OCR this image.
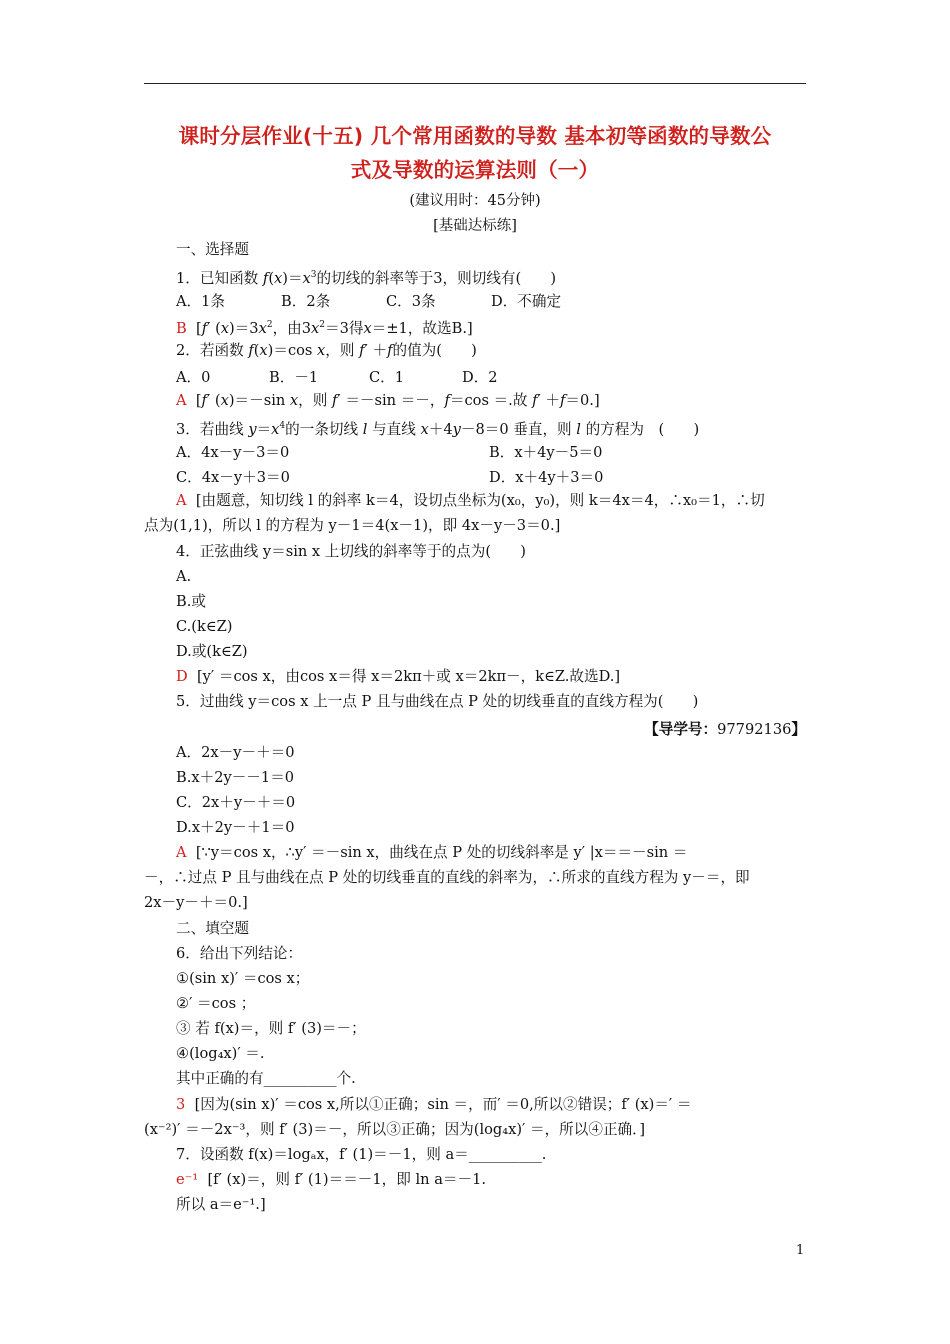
课时分层作业(十五) 几个常用函数的导数 基本初等函数的导数公
式及导数的运算法则（一）
(建议用时：45分钟)
[基础达标练]
一、选择题
1．已知函数 $f(x)=x^3$的切线的斜率等于3，则切线有(　　)
A．1条	B．2条	C．3条	D．不确定
B [f′ $(x)=3x^2$，由$3x^2=3$得x＝±1，故选B.]
2．若函数 f(x)＝cos x，则 f′ ＋f的值为(　　)
A．0	B．－1	C．1	D．2
A [f′ (x)＝－sin x，则 f′ ＝－sin ＝－，f＝cos ＝.故 f′ ＋f＝0.]
3．若曲线 $y=x^4$的一条切线 l 与直线 x＋4y－8＝0 垂直，则 l 的方程为　(　　)
A．4x－y－3＝0	B．x＋4y－5＝0
C．4x－y＋3＝0	D．x＋4y＋3＝0
A [由题意，知切线 l 的斜率 k＝4，设切点坐标为(x₀，y₀)，则 k＝4x＝4，∴x₀＝1，∴切
点为(1,1)，所以 l 的方程为 y－1＝4(x－1)，即 4x－y－3＝0.]
4．正弦曲线 y＝sin x 上切线的斜率等于的点为(　　)
A.
B.或
C.(k∈Z)
D.或(k∈Z)
D [y′ ＝cos x，由cos x＝得 x＝2kπ＋或 x＝2kπ－，k∈Z.故选D.]
5．过曲线 y＝cos x 上一点 P 且与曲线在点 P 处的切线垂直的直线方程为(　　)
【导学号：97792136】
A．2x－y－＋＝0
B.x＋2y－－1＝0
C．2x＋y－＋＝0
D.x＋2y－＋1＝0
A [∵y＝cos x，∴y′ ＝－sin x，曲线在点 P 处的切线斜率是 y′ |x＝＝－sin ＝
－，∴过点 P 且与曲线在点 P 处的切线垂直的直线的斜率为，∴所求的直线方程为 y－＝，即
2x－y－＋＝0.]
二、填空题
6．给出下列结论：
①(sin x)′ ＝cos x；
②′ ＝cos ；
③ 若 f(x)＝，则 f′ (3)＝－；
④(log₄x)′ ＝.
其中正确的有__________个.
3 [因为(sin x)′ ＝cos x,所以①正确；sin ＝，而′ ＝0,所以②错误；f′ (x)＝′ ＝
(x⁻²)′ ＝－2x⁻³，则 f′ (3)＝－，所以③正确；因为(log₄x)′ ＝，所以④正确．]
7．设函数 f(x)＝logₐx，f′ (1)＝－1，则 a＝__________.
e⁻¹ [f′ (x)＝，则 f′ (1)＝＝－1，即 ln a＝－1.
所以 a＝e⁻¹.]
1
